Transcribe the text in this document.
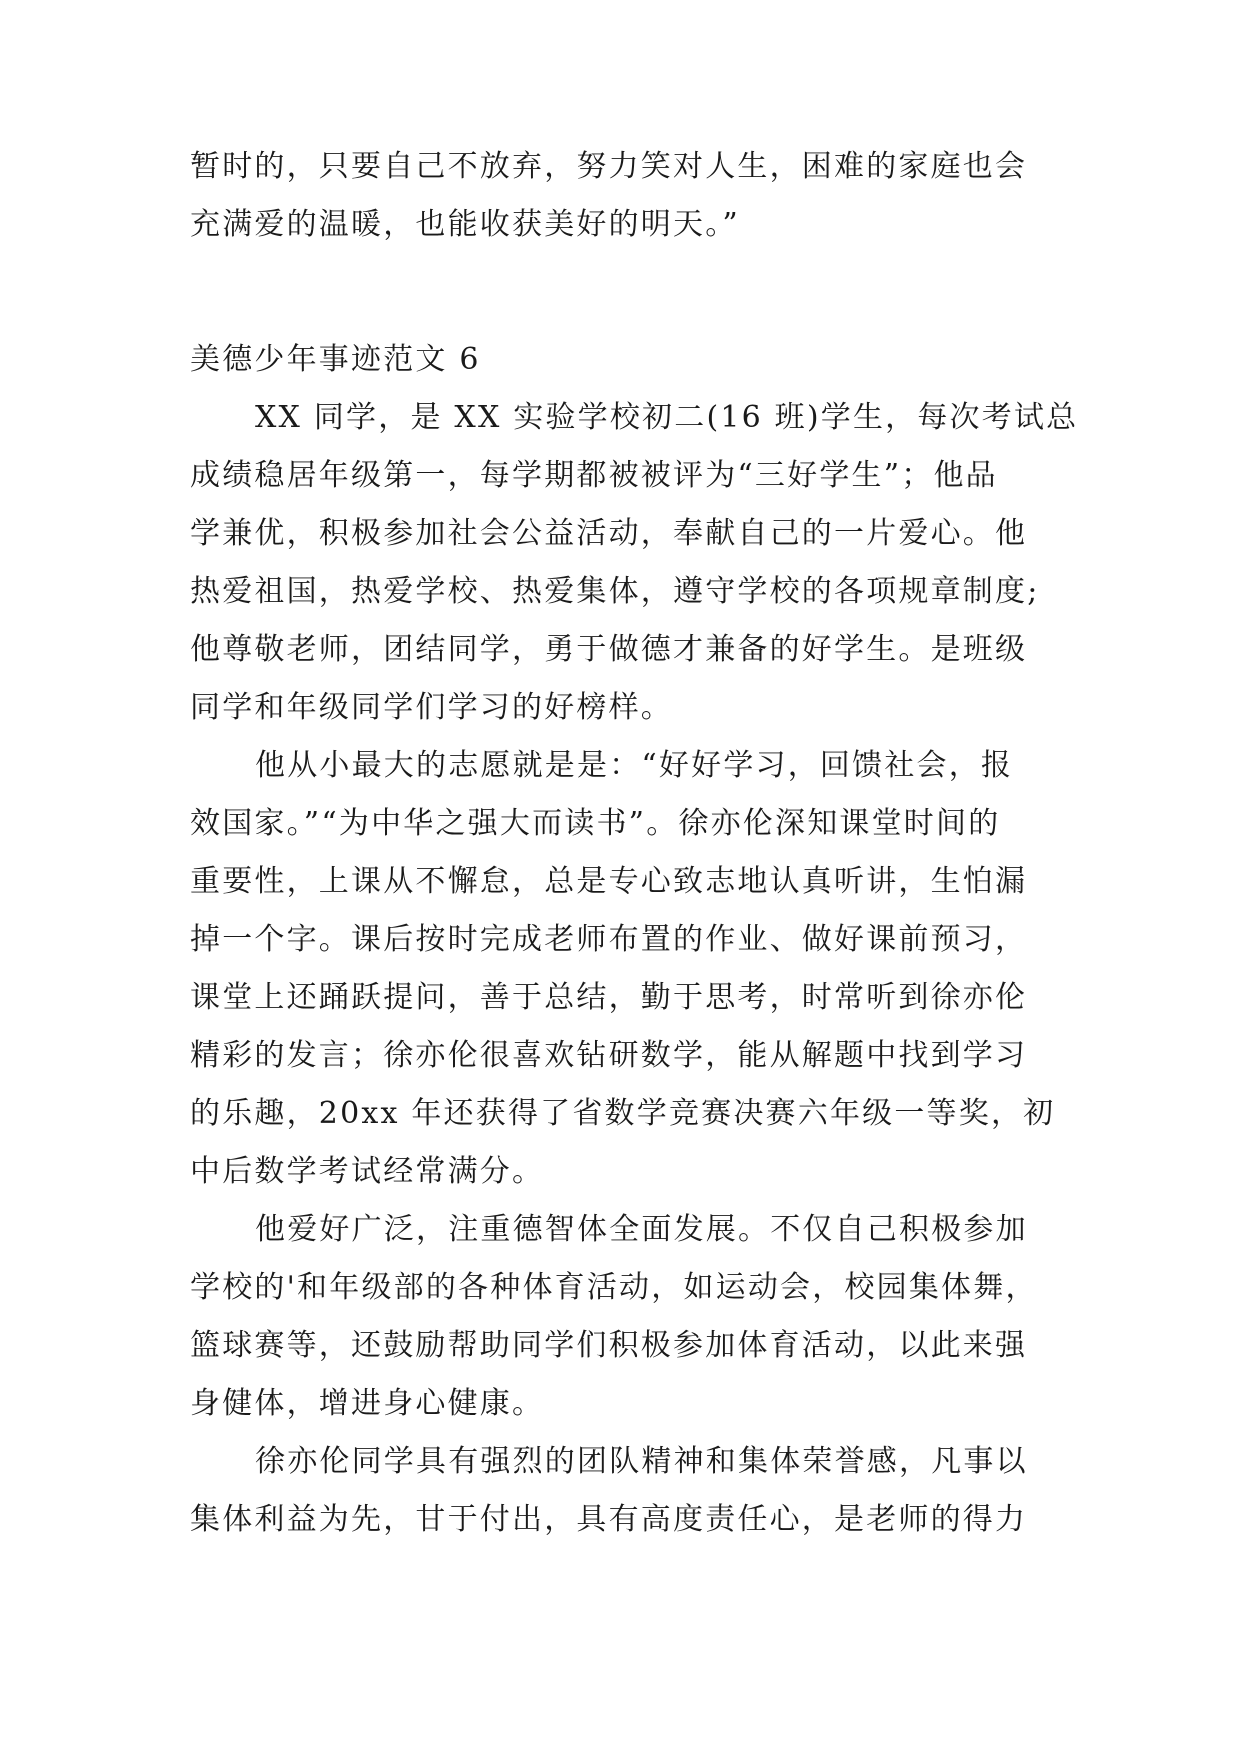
暂时的，只要自己不放弃，努力笑对人生，困难的家庭也会
充满爱的温暖，也能收获美好的明天。”
美德少年事迹范文 6
XX 同学，是 XX 实验学校初二(16 班)学生，每次考试总
成绩稳居年级第一，每学期都被被评为“三好学生”；他品
学兼优，积极参加社会公益活动，奉献自己的一片爱心。他
热爱祖国，热爱学校、热爱集体，遵守学校的各项规章制度;
他尊敬老师，团结同学，勇于做德才兼备的好学生。是班级
同学和年级同学们学习的好榜样。
他从小最大的志愿就是是：“好好学习，回馈社会，报
效国家。”“为中华之强大而读书”。徐亦伦深知课堂时间的
重要性，上课从不懈怠，总是专心致志地认真听讲，生怕漏
掉一个字。课后按时完成老师布置的作业、做好课前预习，
课堂上还踊跃提问，善于总结，勤于思考，时常听到徐亦伦
精彩的发言；徐亦伦很喜欢钻研数学，能从解题中找到学习
的乐趣，20xx 年还获得了省数学竞赛决赛六年级一等奖，初
中后数学考试经常满分。
他爱好广泛，注重德智体全面发展。不仅自己积极参加
学校的'和年级部的各种体育活动，如运动会，校园集体舞，
篮球赛等，还鼓励帮助同学们积极参加体育活动，以此来强
身健体，增进身心健康。
徐亦伦同学具有强烈的团队精神和集体荣誉感，凡事以
集体利益为先，甘于付出，具有高度责任心，是老师的得力
